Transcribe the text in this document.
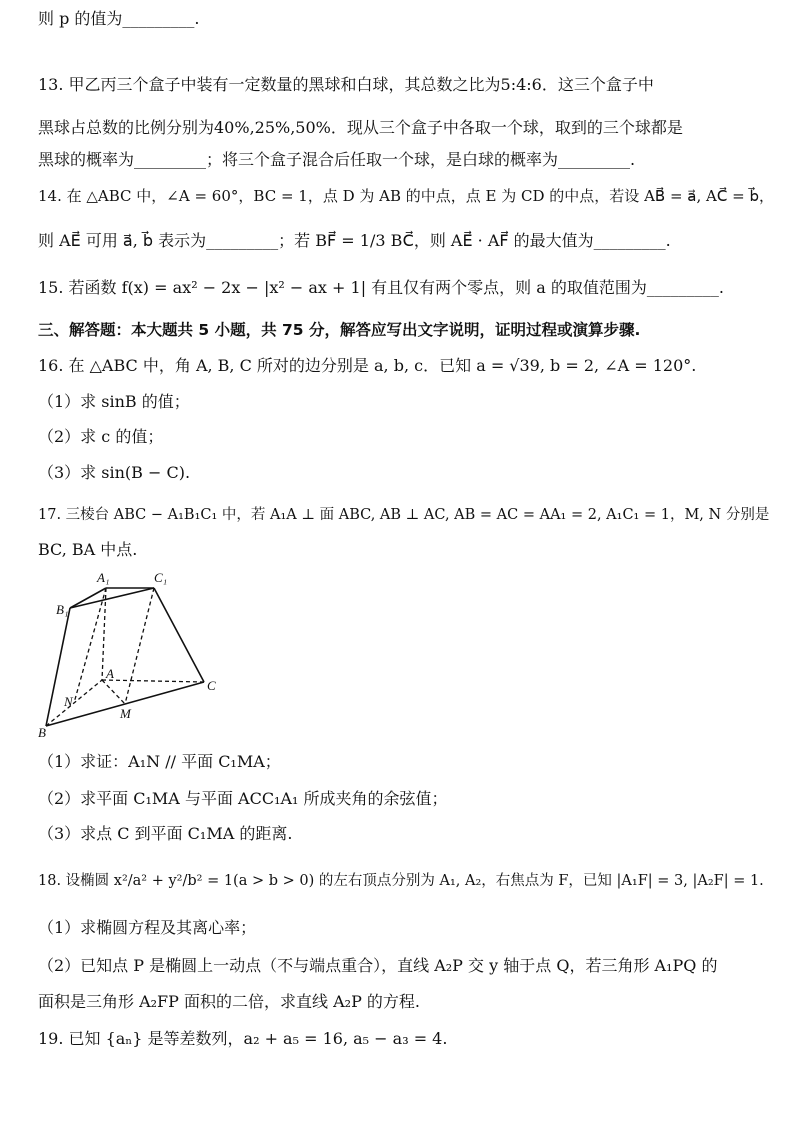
则 p 的值为_________.
13. 甲乙丙三个盒子中装有一定数量的黑球和白球，其总数之比为5:4:6．这三个盒子中
黑球占总数的比例分别为40%,25%,50%．现从三个盒子中各取一个球，取到的三个球都是
黑球的概率为_________；将三个盒子混合后任取一个球，是白球的概率为_________.
14. 在 △ABC 中，∠A = 60°，BC = 1，点 D 为 AB 的中点，点 E 为 CD 的中点，若设 AB⃗ = a⃗, AC⃗ = b⃗，
则 AE⃗ 可用 a⃗, b⃗ 表示为_________；若 BF⃗ = 1/3 BC⃗，则 AE⃗ · AF⃗ 的最大值为_________.
15. 若函数 f(x) = ax² − 2x − |x² − ax + 1| 有且仅有两个零点，则 a 的取值范围为_________.
三、解答题：本大题共 5 小题，共 75 分，解答应写出文字说明，证明过程或演算步骤.
16. 在 △ABC 中，角 A, B, C 所对的边分别是 a, b, c．已知 a = √39, b = 2, ∠A = 120°.
（1）求 sinB 的值；
（2）求 c 的值；
（3）求 sin(B − C).
17. 三棱台 ABC − A₁B₁C₁ 中，若 A₁A ⊥ 面 ABC, AB ⊥ AC, AB = AC = AA₁ = 2, A₁C₁ = 1，M, N 分别是
BC, BA 中点.
A₁	C₁
B₁
A
C
N
M
B
（1）求证：A₁N // 平面 C₁MA；
（2）求平面 C₁MA 与平面 ACC₁A₁ 所成夹角的余弦值；
（3）求点 C 到平面 C₁MA 的距离.
18. 设椭圆 x²/a² + y²/b² = 1(a > b > 0) 的左右顶点分别为 A₁, A₂，右焦点为 F，已知 |A₁F| = 3, |A₂F| = 1.
（1）求椭圆方程及其离心率；
（2）已知点 P 是椭圆上一动点（不与端点重合），直线 A₂P 交 y 轴于点 Q，若三角形 A₁PQ 的
面积是三角形 A₂FP 面积的二倍，求直线 A₂P 的方程.
19. 已知 {aₙ} 是等差数列，a₂ + a₅ = 16, a₅ − a₃ = 4.
